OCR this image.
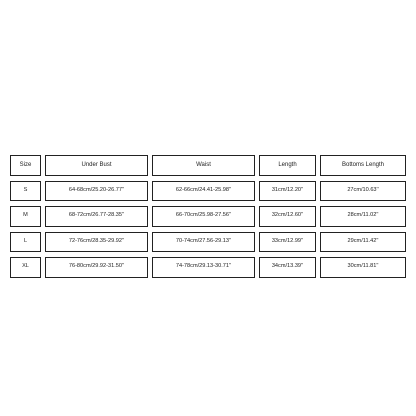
Size	Under Bust	Waist	Length	Bottoms Length
S	64-68cm/25.20-26.77''	62-66cm/24.41-25.98''	31cm/12.20''	27cm/10.63''
M	68-72cm/26.77-28.35''	66-70cm/25.98-27.56''	32cm/12.60''	28cm/11.02''
L	72-76cm/28.35-29.92''	70-74cm/27.56-29.13''	33cm/12.99''	29cm/11.42''
XL	76-80cm/29.92-31.50''	74-78cm/29.13-30.71''	34cm/13.39''	30cm/11.81''
